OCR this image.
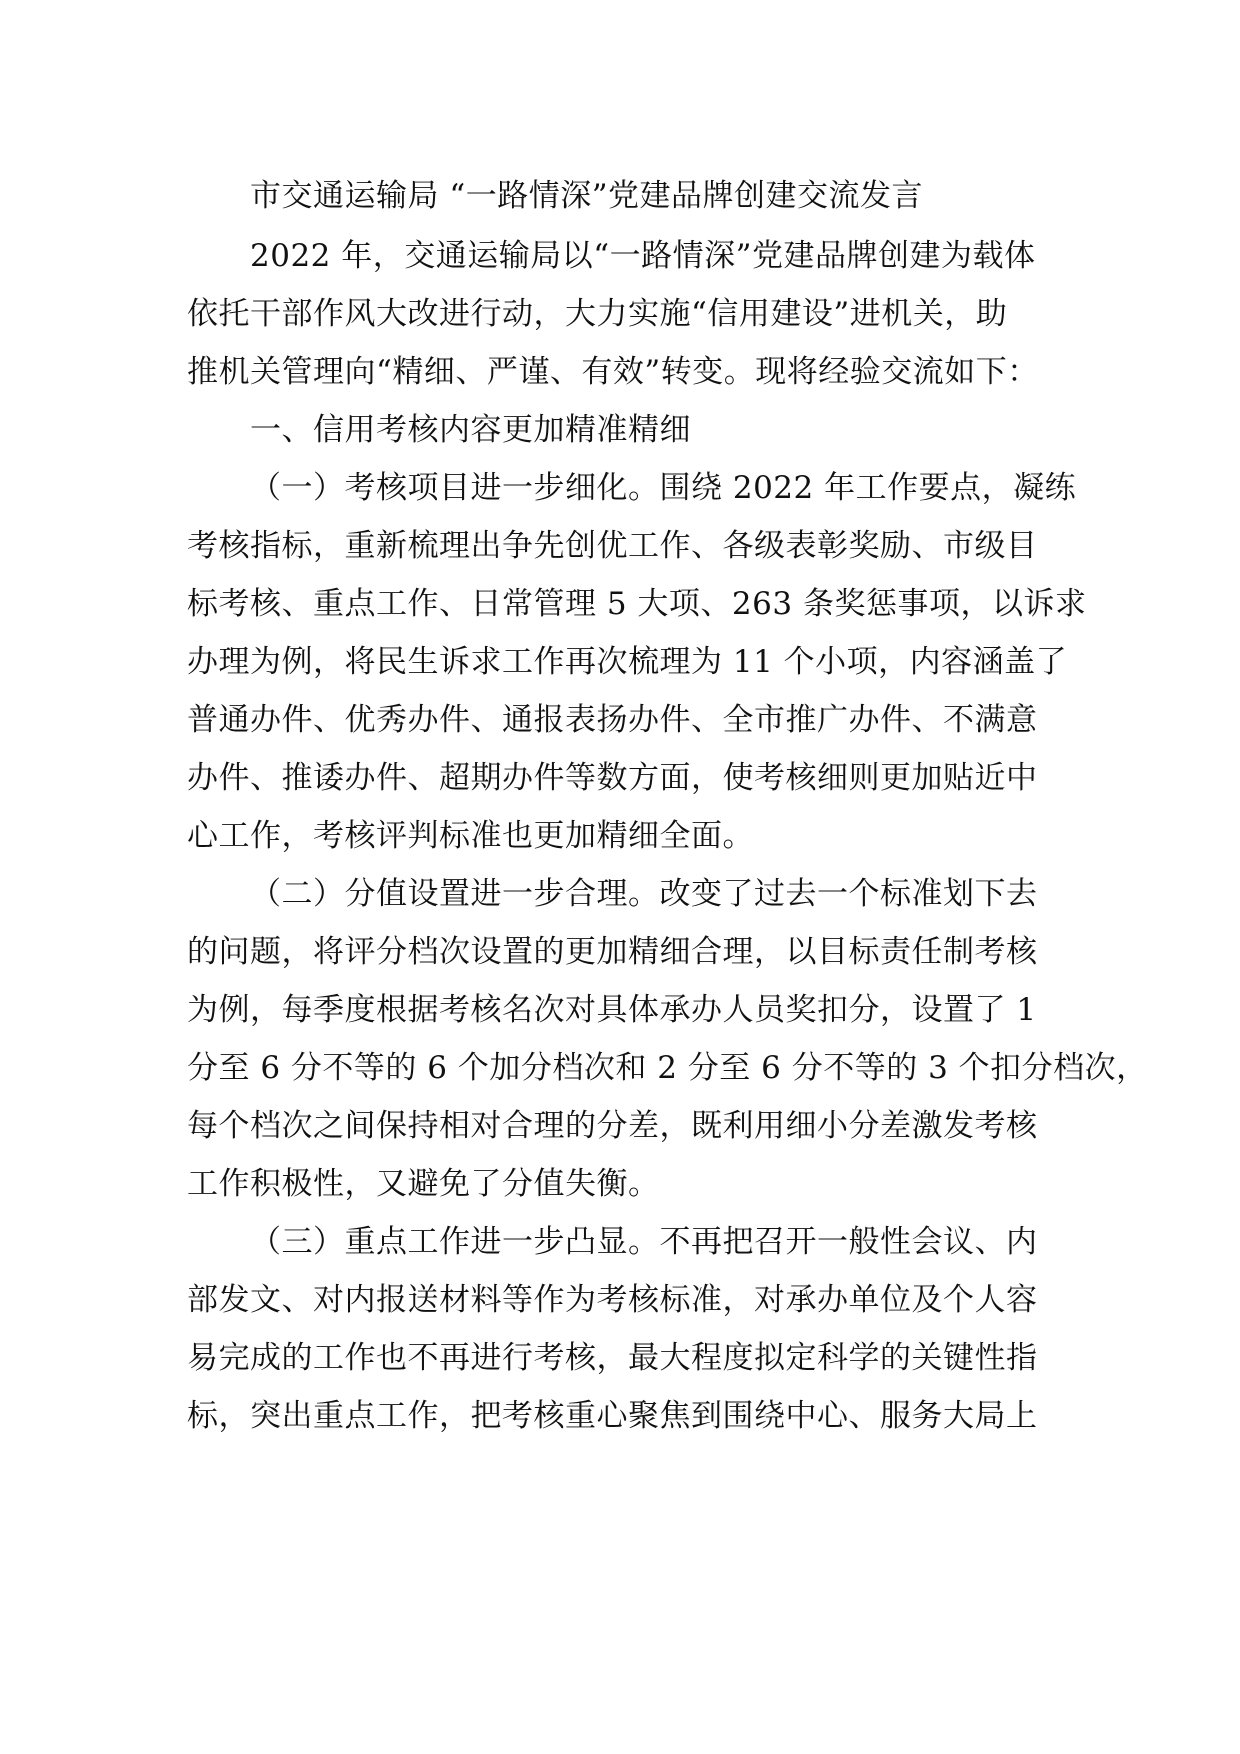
市交通运输局 “一路情深”党建品牌创建交流发言
2022 年，交通运输局以“一路情深”党建品牌创建为载体
依托干部作风大改进行动，大力实施“信用建设”进机关，助
推机关管理向“精细、严谨、有效”转变。现将经验交流如下：
一、信用考核内容更加精准精细
（一）考核项目进一步细化。围绕 2022 年工作要点，凝练
考核指标，重新梳理出争先创优工作、各级表彰奖励、市级目
标考核、重点工作、日常管理 5 大项、263 条奖惩事项，以诉求
办理为例，将民生诉求工作再次梳理为 11 个小项，内容涵盖了
普通办件、优秀办件、通报表扬办件、全市推广办件、不满意
办件、推诿办件、超期办件等数方面，使考核细则更加贴近中
心工作，考核评判标准也更加精细全面。
（二）分值设置进一步合理。改变了过去一个标准划下去
的问题，将评分档次设置的更加精细合理，以目标责任制考核
为例，每季度根据考核名次对具体承办人员奖扣分，设置了 1
分至 6 分不等的 6 个加分档次和 2 分至 6 分不等的 3 个扣分档次，
每个档次之间保持相对合理的分差，既利用细小分差激发考核
工作积极性，又避免了分值失衡。
（三）重点工作进一步凸显。不再把召开一般性会议、内
部发文、对内报送材料等作为考核标准，对承办单位及个人容
易完成的工作也不再进行考核，最大程度拟定科学的关键性指
标，突出重点工作，把考核重心聚焦到围绕中心、服务大局上
